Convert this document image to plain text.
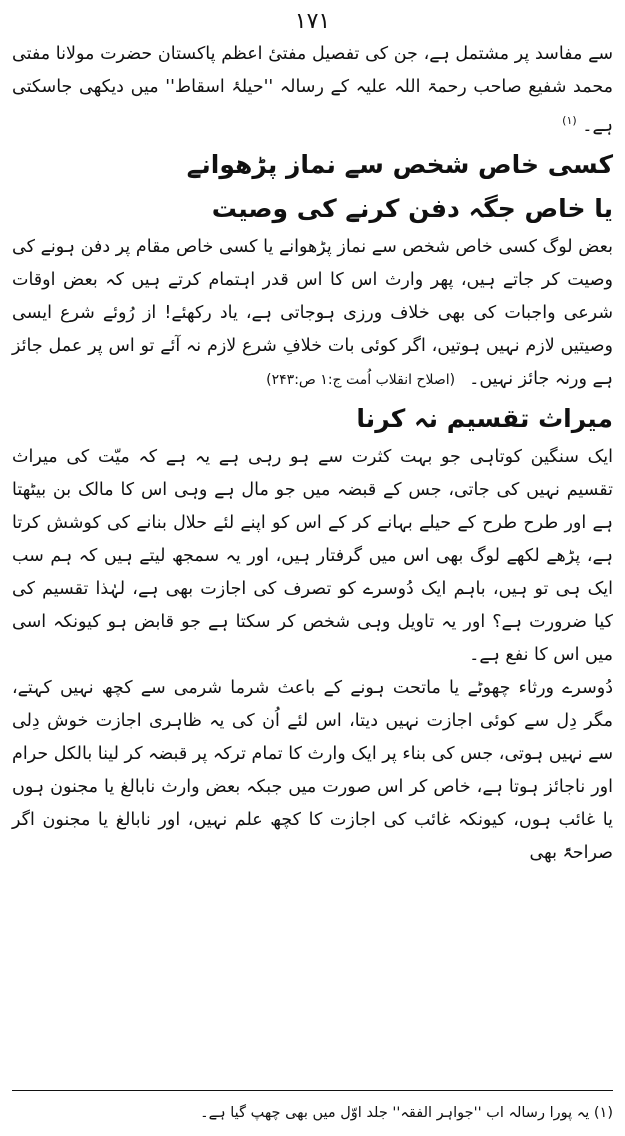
۱۷۱

سے مفاسد پر مشتمل ہے، جن کی تفصیل مفتیٔ اعظم پاکستان حضرت مولانا مفتی محمد شفیع صاحب رحمۃ اللہ علیہ کے رسالہ ''حیلۂ اسقاط'' میں دیکھی جاسکتی ہے۔ $^{(۱)}$

کسی خاص شخص سے نماز پڑھوانے

یا خاص جگہ دفن کرنے کی وصیت

بعض لوگ کسی خاص شخص سے نماز پڑھوانے یا کسی خاص مقام پر دفن ہونے کی وصیت کر جاتے ہیں، پھر وارث اس کا اس قدر اہتمام کرتے ہیں کہ بعض اوقات شرعی واجبات کی بھی خلاف ورزی ہوجاتی ہے، یاد رکھئے! از رُوئے شرع ایسی وصیتیں لازم نہیں ہوتیں، اگر کوئی بات خلافِ شرع لازم نہ آئے تو اس پر عمل جائز ہے ورنہ جائز نہیں۔(اصلاح انقلاب اُمت ج:۱ ص:۲۴۳)

میراث تقسیم نہ کرنا

ایک سنگین کوتاہی جو بہت کثرت سے ہو رہی ہے یہ ہے کہ میّت کی میراث تقسیم نہیں کی جاتی، جس کے قبضہ میں جو مال ہے وہی اس کا مالک بن بیٹھتا ہے اور طرح طرح کے حیلے بہانے کر کے اس کو اپنے لئے حلال بنانے کی کوشش کرتا ہے، پڑھے لکھے لوگ بھی اس میں گرفتار ہیں، اور یہ سمجھ لیتے ہیں کہ ہم سب ایک ہی تو ہیں، باہم ایک دُوسرے کو تصرف کی اجازت بھی ہے، لہٰذا تقسیم کی کیا ضرورت ہے؟ اور یہ تاویل وہی شخص کر سکتا ہے جو قابض ہو کیونکہ اسی میں اس کا نفع ہے۔

دُوسرے ورثاء چھوٹے یا ماتحت ہونے کے باعث شرما شرمی سے کچھ نہیں کہتے، مگر دِل سے کوئی اجازت نہیں دیتا، اس لئے اُن کی یہ ظاہری اجازت خوش دِلی سے نہیں ہوتی، جس کی بناء پر ایک وارث کا تمام ترکہ پر قبضہ کر لینا بالکل حرام اور ناجائز ہوتا ہے، خاص کر اس صورت میں جبکہ بعض وارث نابالغ یا مجنون ہوں یا غائب ہوں، کیونکہ غائب کی اجازت کا کچھ علم نہیں، اور نابالغ یا مجنون اگر صراحۃً بھی

(۱) یہ پورا رسالہ اب ''جواہر الفقہ'' جلد اوّل میں بھی چھپ گیا ہے۔
